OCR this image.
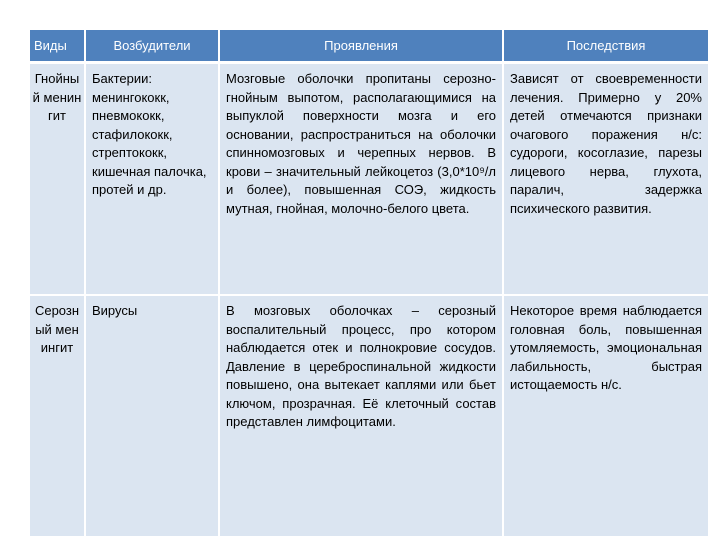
Виды	Возбудители	Проявления	Последствия
Гнойный менингит	Бактерии: менингококк, пневмококк, стафилококк, стрептококк, кишечная палочка, протей и др.	Мозговые оболочки пропитаны серозно-гнойным выпотом, располагающимися на выпуклой поверхности мозга и его основании, распространиться на оболочки спинномозговых и черепных нервов. В крови – значительный лейкоцетоз (3,0*10⁹/л и более), повышенная СОЭ, жидкость мутная, гнойная, молочно-белого цвета.	Зависят от своевременности лечения. Примерно у 20% детей отмечаются признаки очагового поражения н/с: судороги, косоглазие, парезы лицевого нерва, глухота, паралич, задержка психического развития.
Серозный менингит	Вирусы	В мозговых оболочках – серозный воспалительный процесс, про котором наблюдается отек и полнокровие сосудов. Давление в цереброспинальной жидкости повышено, она вытекает каплями или бьет ключом, прозрачная. Её клеточный состав представлен лимфоцитами.	Некоторое время наблюдается головная боль, повышенная утомляемость, эмоциональная лабильность, быстрая истощаемость н/с.
